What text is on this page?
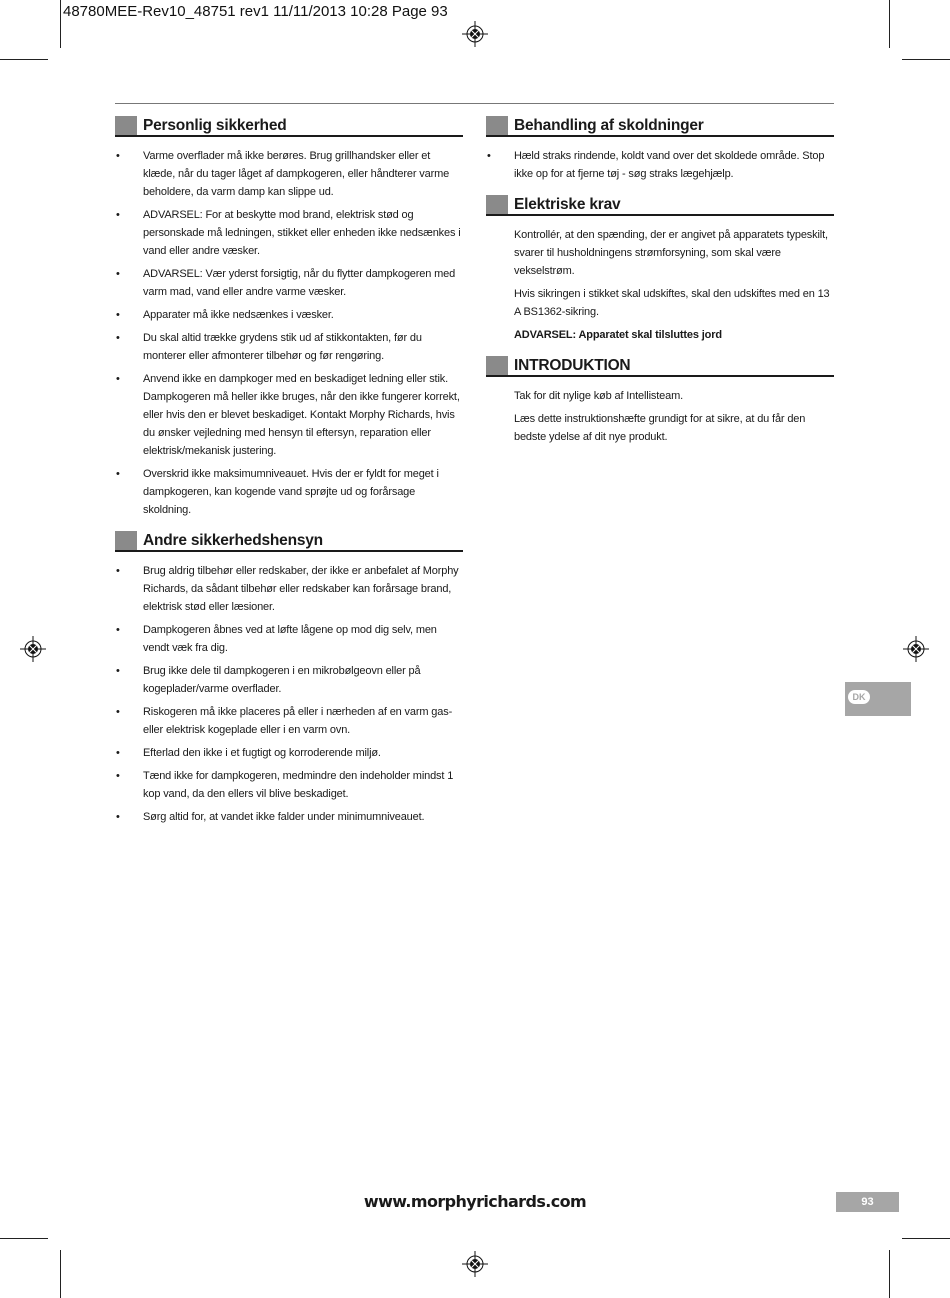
48780MEE-Rev10_48751 rev1 11/11/2013 10:28 Page 93
Personlig sikkerhed
• Varme overflader må ikke berøres. Brug grillhandsker eller et klæde, når du tager låget af dampkogeren, eller håndterer varme beholdere, da varm damp kan slippe ud.
• ADVARSEL: For at beskytte mod brand, elektrisk stød og personskade må ledningen, stikket eller enheden ikke nedsænkes i vand eller andre væsker.
• ADVARSEL: Vær yderst forsigtig, når du flytter dampkogeren med varm mad, vand eller andre varme væsker.
• Apparater må ikke nedsænkes i væsker.
• Du skal altid trække grydens stik ud af stikkontakten, før du monterer eller afmonterer tilbehør og før rengøring.
• Anvend ikke en dampkoger med en beskadiget ledning eller stik. Dampkogeren må heller ikke bruges, når den ikke fungerer korrekt, eller hvis den er blevet beskadiget. Kontakt Morphy Richards, hvis du ønsker vejledning med hensyn til eftersyn, reparation eller elektrisk/mekanisk justering.
• Overskrid ikke maksimumniveauet. Hvis der er fyldt for meget i dampkogeren, kan kogende vand sprøjte ud og forårsage skoldning.
Andre sikkerhedshensyn
• Brug aldrig tilbehør eller redskaber, der ikke er anbefalet af Morphy Richards, da sådant tilbehør eller redskaber kan forårsage brand, elektrisk stød eller læsioner.
• Dampkogeren åbnes ved at løfte lågene op mod dig selv, men vendt væk fra dig.
• Brug ikke dele til dampkogeren i en mikrobølgeovn eller på kogeplader/varme overflader.
• Riskogeren må ikke placeres på eller i nærheden af en varm gas- eller elektrisk kogeplade eller i en varm ovn.
• Efterlad den ikke i et fugtigt og korroderende miljø.
• Tænd ikke for dampkogeren, medmindre den indeholder mindst 1 kop vand, da den ellers vil blive beskadiget.
• Sørg altid for, at vandet ikke falder under minimumniveauet.
Behandling af skoldninger
• Hæld straks rindende, koldt vand over det skoldede område. Stop ikke op for at fjerne tøj - søg straks lægehjælp.
Elektriske krav

Kontrollér, at den spænding, der er angivet på apparatets typeskilt, svarer til husholdningens strømforsyning, som skal være vekselstrøm.

Hvis sikringen i stikket skal udskiftes, skal den udskiftes med en 13 A BS1362-sikring.

ADVARSEL: Apparatet skal tilsluttes jord

INTRODUKTION

Tak for dit nylige køb af Intellisteam.

Læs dette instruktionshæfte grundigt for at sikre, at du får den bedste ydelse af dit nye produkt.

DK
www.morphyrichards.com	93
